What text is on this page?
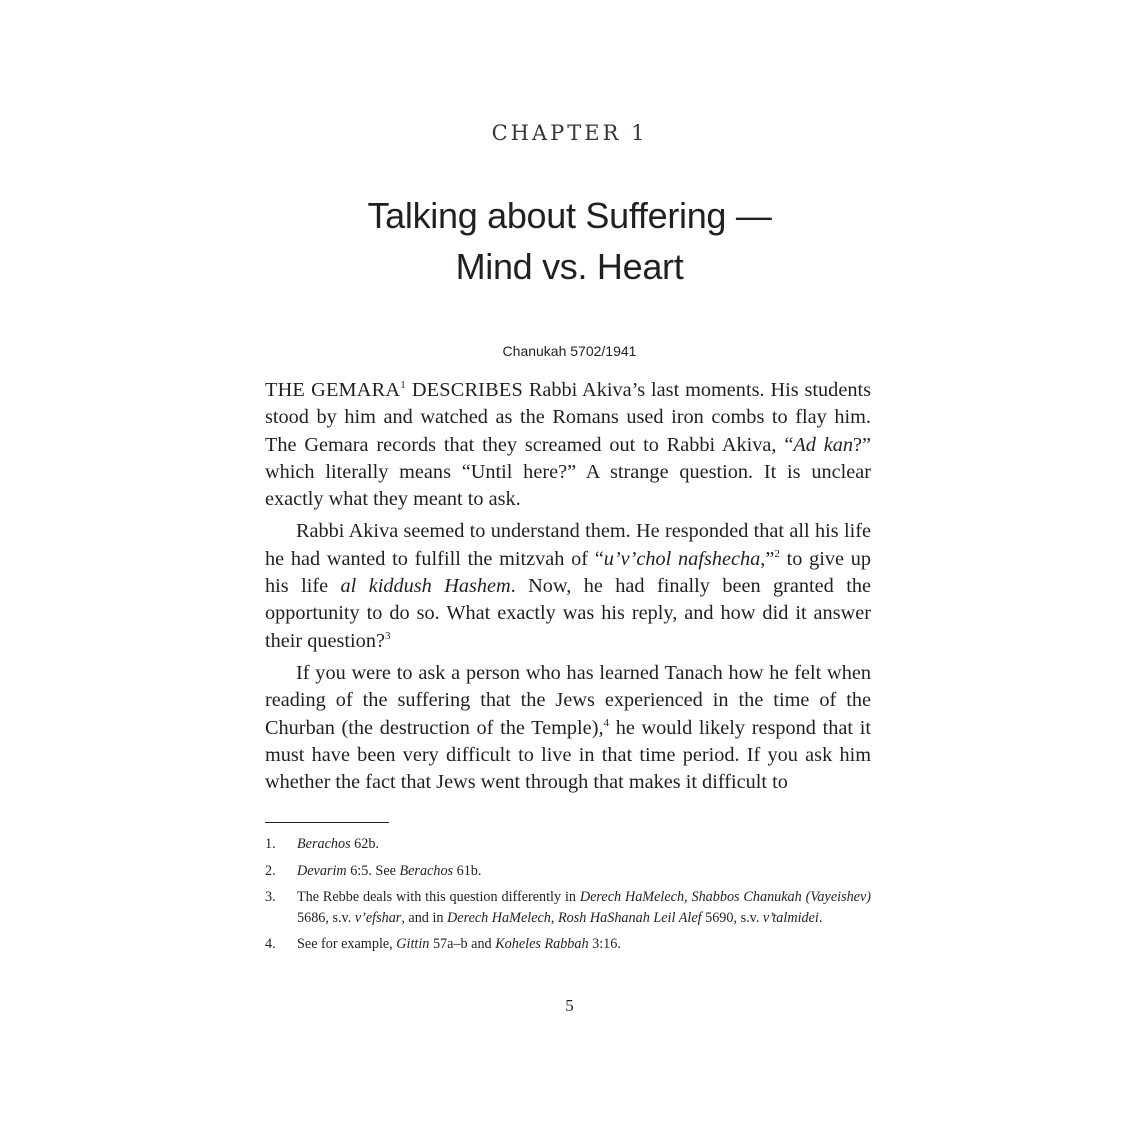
CHAPTER 1
Talking about Suffering —
Mind vs. Heart
Chanukah 5702/1941

THE GEMARA$^1$ DESCRIBES Rabbi Akiva’s last moments. His students stood by him and watched as the Romans used iron combs to flay him. The Gemara records that they screamed out to Rabbi Akiva, “Ad kan?” which literally means “Until here?” A strange question. It is unclear exactly what they meant to ask.

Rabbi Akiva seemed to understand them. He responded that all his life he had wanted to fulfill the mitzvah of “u’v’chol nafshecha,”$^2$ to give up his life al kiddush Hashem. Now, he had finally been granted the opportunity to do so. What exactly was his reply, and how did it answer their question?$^3$

If you were to ask a person who has learned Tanach how he felt when reading of the suffering that the Jews experienced in the time of the Churban (the destruction of the Temple),$^4$ he would likely respond that it must have been very difficult to live in that time period. If you ask him whether the fact that Jews went through that makes it difficult to

1.	Berachos 62b.
2.	Devarim 6:5. See Berachos 61b.
3.	The Rebbe deals with this question differently in Derech HaMelech, Shabbos Chanukah (Vayeishev) 5686, s.v. v’efshar, and in Derech HaMelech, Rosh HaShanah Leil Alef 5690, s.v. v’talmidei.
4.	See for example, Gittin 57a–b and Koheles Rabbah 3:16.
5
